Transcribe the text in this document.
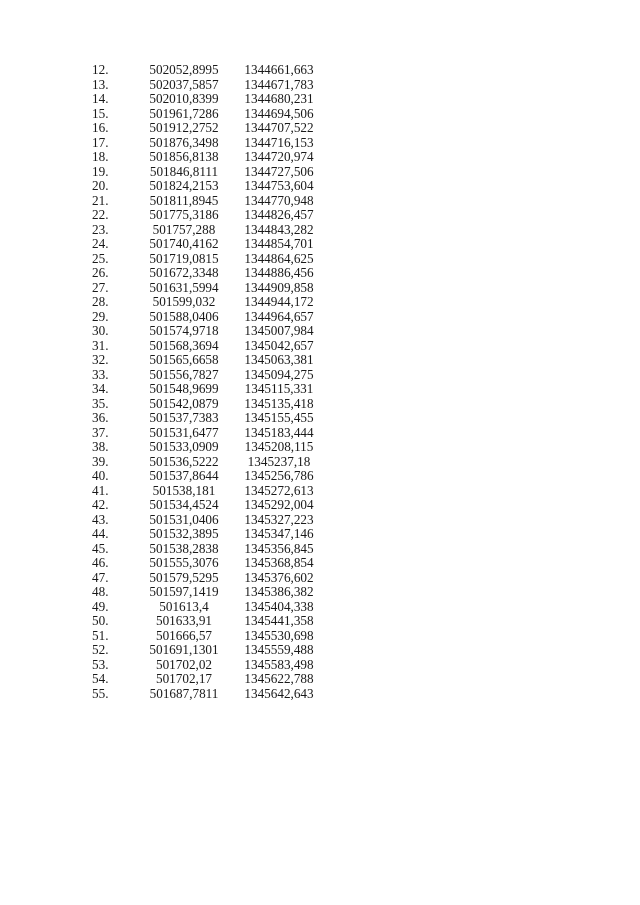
12.	502052,8995	1344661,663
13.	502037,5857	1344671,783
14.	502010,8399	1344680,231
15.	501961,7286	1344694,506
16.	501912,2752	1344707,522
17.	501876,3498	1344716,153
18.	501856,8138	1344720,974
19.	501846,8111	1344727,506
20.	501824,2153	1344753,604
21.	501811,8945	1344770,948
22.	501775,3186	1344826,457
23.	501757,288	1344843,282
24.	501740,4162	1344854,701
25.	501719,0815	1344864,625
26.	501672,3348	1344886,456
27.	501631,5994	1344909,858
28.	501599,032	1344944,172
29.	501588,0406	1344964,657
30.	501574,9718	1345007,984
31.	501568,3694	1345042,657
32.	501565,6658	1345063,381
33.	501556,7827	1345094,275
34.	501548,9699	1345115,331
35.	501542,0879	1345135,418
36.	501537,7383	1345155,455
37.	501531,6477	1345183,444
38.	501533,0909	1345208,115
39.	501536,5222	1345237,18
40.	501537,8644	1345256,786
41.	501538,181	1345272,613
42.	501534,4524	1345292,004
43.	501531,0406	1345327,223
44.	501532,3895	1345347,146
45.	501538,2838	1345356,845
46.	501555,3076	1345368,854
47.	501579,5295	1345376,602
48.	501597,1419	1345386,382
49.	501613,4	1345404,338
50.	501633,91	1345441,358
51.	501666,57	1345530,698
52.	501691,1301	1345559,488
53.	501702,02	1345583,498
54.	501702,17	1345622,788
55.	501687,7811	1345642,643
